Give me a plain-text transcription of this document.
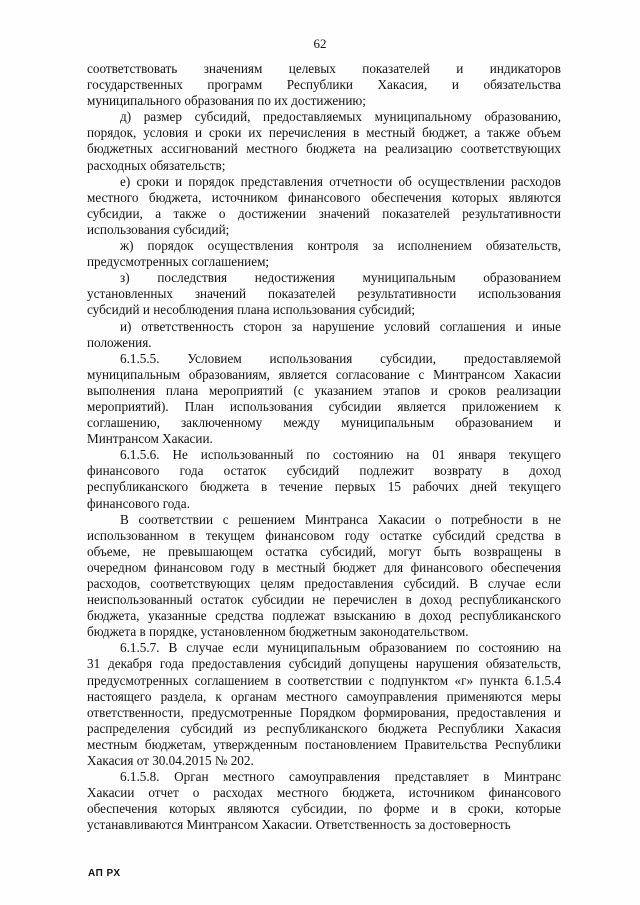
62
соответствовать значениям целевых показателей и индикаторов
государственных программ Республики Хакасия, и обязательства
муниципального образования по их достижению;
д) размер субсидий, предоставляемых муниципальному образованию,
порядок, условия и сроки их перечисления в местный бюджет, а также объем
бюджетных ассигнований местного бюджета на реализацию соответствующих
расходных обязательств;
е) сроки и порядок представления отчетности об осуществлении расходов
местного бюджета, источником финансового обеспечения которых являются
субсидии, а также о достижении значений показателей результативности
использования субсидий;
ж) порядок осуществления контроля за исполнением обязательств,
предусмотренных соглашением;
з) последствия недостижения муниципальным образованием
установленных значений показателей результативности использования
субсидий и несоблюдения плана использования субсидий;
и) ответственность сторон за нарушение условий соглашения и иные
положения.
6.1.5.5. Условием использования субсидии, предоставляемой
муниципальным образованиям, является согласование с Минтрансом Хакасии
выполнения плана мероприятий (с указанием этапов и сроков реализации
мероприятий). План использования субсидии является приложением к
соглашению, заключенному между муниципальным образованием и
Минтрансом Хакасии.
6.1.5.6. Не использованный по состоянию на 01 января текущего
финансового года остаток субсидий подлежит возврату в доход
республиканского бюджета в течение первых 15 рабочих дней текущего
финансового года.
В соответствии с решением Минтранса Хакасии о потребности в не
использованном в текущем финансовом году остатке субсидий средства в
объеме, не превышающем остатка субсидий, могут быть возвращены в
очередном финансовом году в местный бюджет для финансового обеспечения
расходов, соответствующих целям предоставления субсидий. В случае если
неиспользованный остаток субсидии не перечислен в доход республиканского
бюджета, указанные средства подлежат взысканию в доход республиканского
бюджета в порядке, установленном бюджетным законодательством.
6.1.5.7. В случае если муниципальным образованием по состоянию на
31 декабря года предоставления субсидий допущены нарушения обязательств,
предусмотренных соглашением в соответствии с подпунктом «г» пункта 6.1.5.4
настоящего раздела, к органам местного самоуправления применяются меры
ответственности, предусмотренные Порядком формирования, предоставления и
распределения субсидий из республиканского бюджета Республики Хакасия
местным бюджетам, утвержденным постановлением Правительства Республики
Хакасия от 30.04.2015 № 202.
6.1.5.8. Орган местного самоуправления представляет в Минтранс
Хакасии отчет о расходах местного бюджета, источником финансового
обеспечения которых являются субсидии, по форме и в сроки, которые
устанавливаются Минтрансом Хакасии. Ответственность за достоверность
АП РХ
